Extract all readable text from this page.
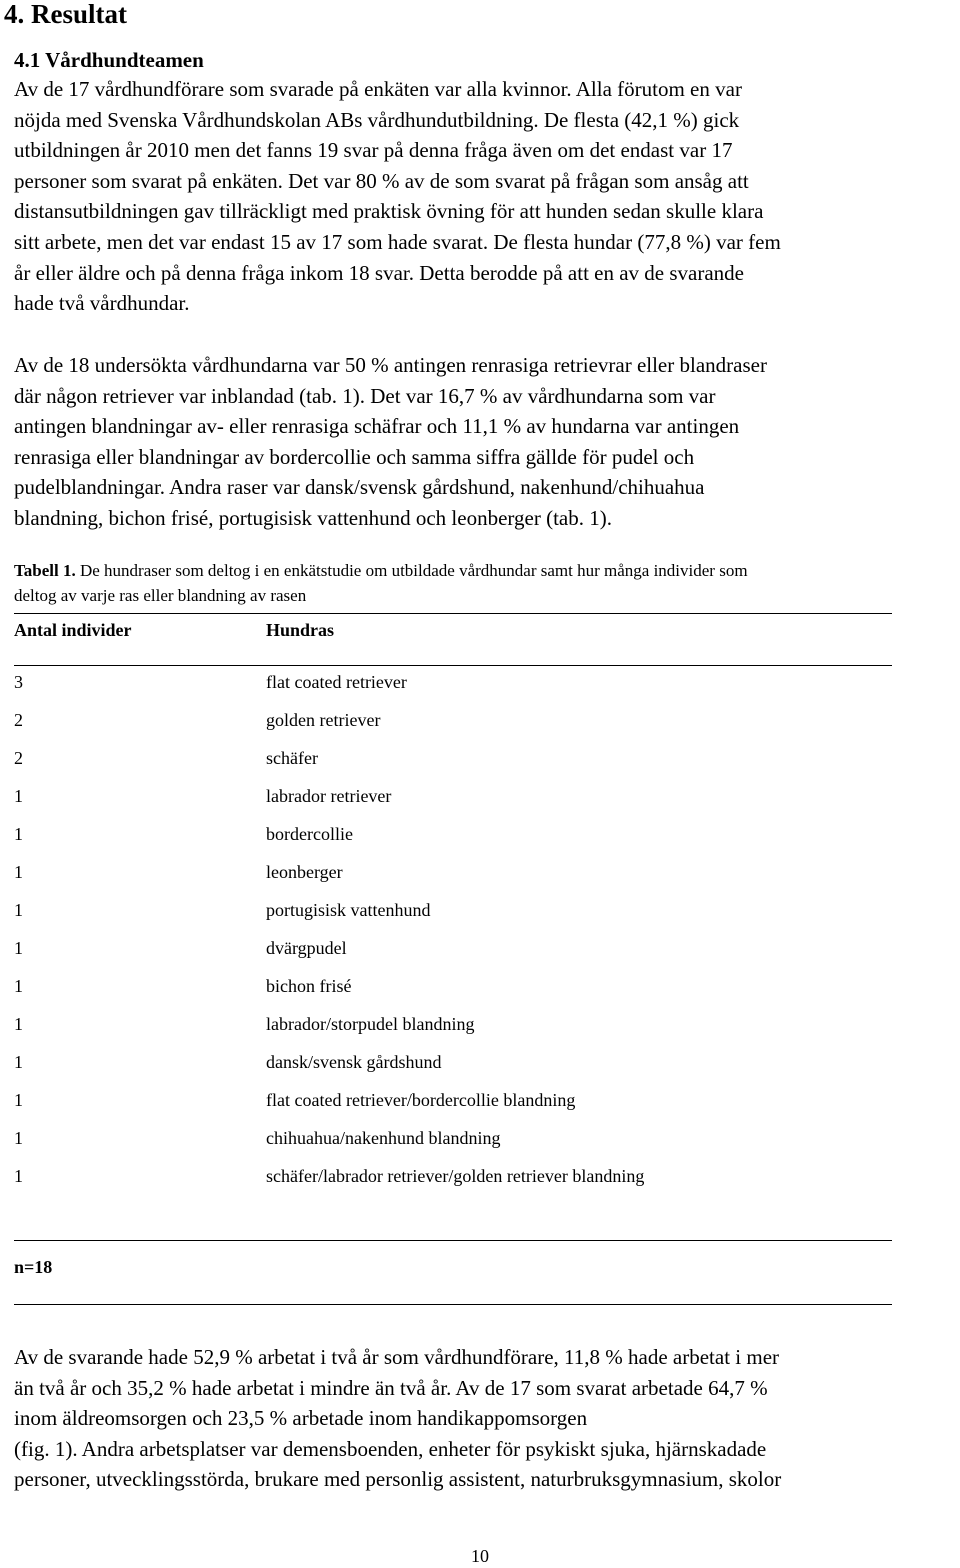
4. Resultat
4.1 Vårdhundteamen
Av de 17 vårdhundförare som svarade på enkäten var alla kvinnor. Alla förutom en var
nöjda med Svenska Vårdhundskolan ABs vårdhundutbildning. De flesta (42,1 %) gick
utbildningen år 2010 men det fanns 19 svar på denna fråga även om det endast var 17
personer som svarat på enkäten. Det var 80 % av de som svarat på frågan som ansåg att
distansutbildningen gav tillräckligt med praktisk övning för att hunden sedan skulle klara
sitt arbete, men det var endast 15 av 17 som hade svarat. De flesta hundar (77,8 %) var fem
år eller äldre och på denna fråga inkom 18 svar. Detta berodde på att en av de svarande
hade två vårdhundar.
Av de 18 undersökta vårdhundarna var 50 % antingen renrasiga retrievrar eller blandraser
där någon retriever var inblandad (tab. 1). Det var 16,7 % av vårdhundarna som var
antingen blandningar av- eller renrasiga schäfrar och 11,1 % av hundarna var antingen
renrasiga eller blandningar av bordercollie och samma siffra gällde för pudel och
pudelblandningar. Andra raser var dansk/svensk gårdshund, nakenhund/chihuahua
blandning, bichon frisé, portugisisk vattenhund och leonberger (tab. 1).
Tabell 1. De hundraser som deltog i en enkätstudie om utbildade vårdhundar samt hur många individer som
deltog av varje ras eller blandning av rasen
Antal individer	Hundras
3	flat coated retriever
2	golden retriever
2	schäfer
1	labrador retriever
1	bordercollie
1	leonberger
1	portugisisk vattenhund
1	dvärgpudel
1	bichon frisé
1	labrador/storpudel blandning
1	dansk/svensk gårdshund
1	flat coated retriever/bordercollie blandning
1	chihuahua/nakenhund blandning
1	schäfer/labrador retriever/golden retriever blandning
n=18
Av de svarande hade 52,9 % arbetat i två år som vårdhundförare, 11,8 % hade arbetat i mer
än två år och 35,2 % hade arbetat i mindre än två år. Av de 17 som svarat arbetade 64,7 %
inom äldreomsorgen och 23,5 % arbetade inom handikappomsorgen
(fig. 1). Andra arbetsplatser var demensboenden, enheter för psykiskt sjuka, hjärnskadade
personer, utvecklingsstörda, brukare med personlig assistent, naturbruksgymnasium, skolor
10
